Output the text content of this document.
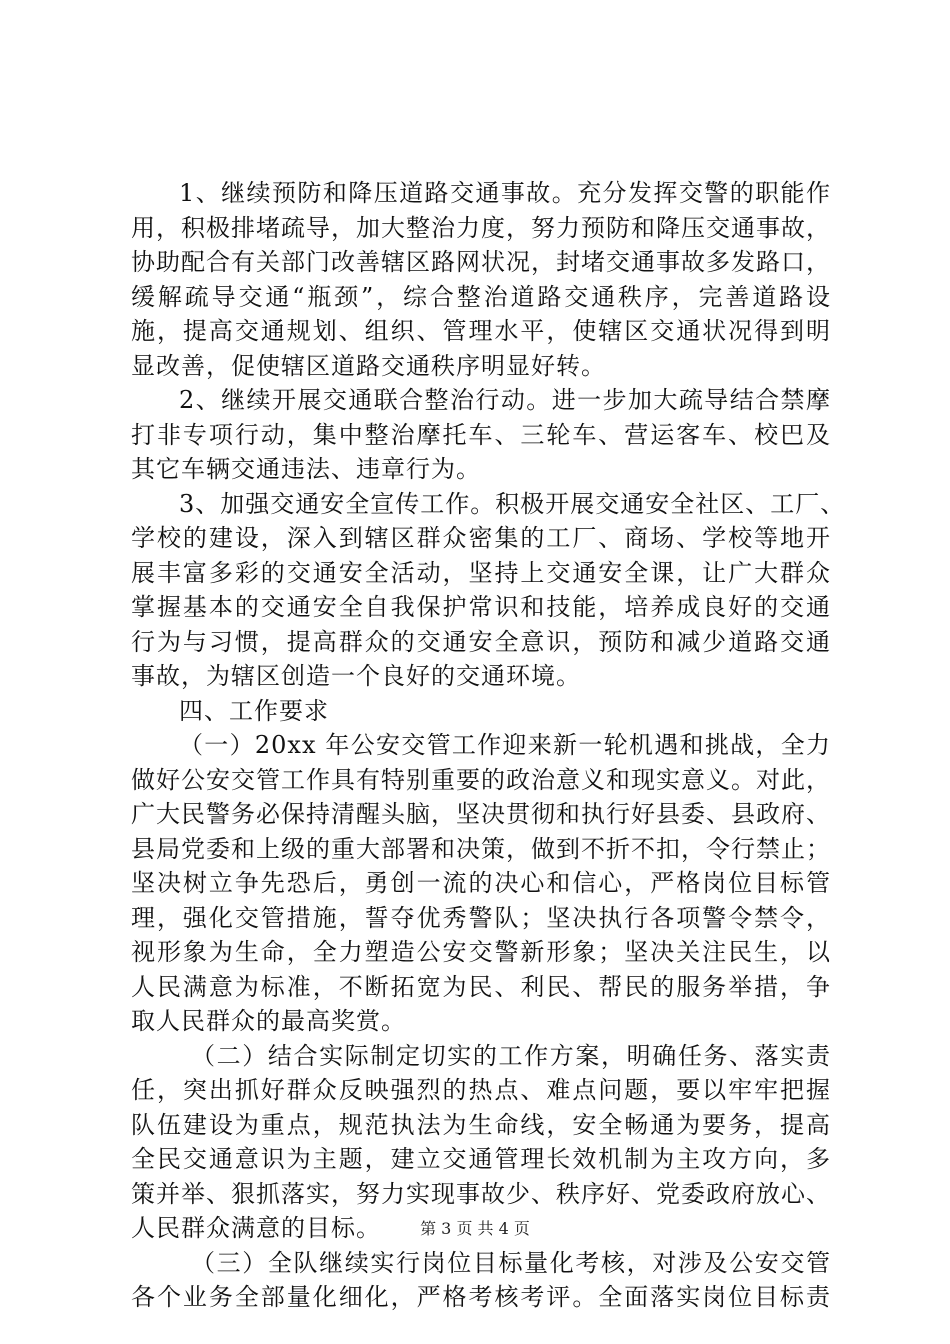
1、继续预防和降压道路交通事故。充分发挥交警的职能作
用，积极排堵疏导，加大整治力度，努力预防和降压交通事故，
协助配合有关部门改善辖区路网状况，封堵交通事故多发路口，
缓解疏导交通“瓶颈”，综合整治道路交通秩序，完善道路设
施，提高交通规划、组织、管理水平，使辖区交通状况得到明
显改善，促使辖区道路交通秩序明显好转。
2、继续开展交通联合整治行动。进一步加大疏导结合禁摩
打非专项行动，集中整治摩托车、三轮车、营运客车、校巴及
其它车辆交通违法、违章行为。
3、加强交通安全宣传工作。积极开展交通安全社区、工厂、
学校的建设，深入到辖区群众密集的工厂、商场、学校等地开
展丰富多彩的交通安全活动，坚持上交通安全课，让广大群众
掌握基本的交通安全自我保护常识和技能，培养成良好的交通
行为与习惯，提高群众的交通安全意识，预防和减少道路交通
事故，为辖区创造一个良好的交通环境。
四、工作要求
（一）20xx 年公安交管工作迎来新一轮机遇和挑战，全力
做好公安交管工作具有特别重要的政治意义和现实意义。对此，
广大民警务必保持清醒头脑，坚决贯彻和执行好县委、县政府、
县局党委和上级的重大部署和决策，做到不折不扣，令行禁止；
坚决树立争先恐后，勇创一流的决心和信心，严格岗位目标管
理，强化交管措施，誓夺优秀警队；坚决执行各项警令禁令，
视形象为生命，全力塑造公安交警新形象；坚决关注民生，以
人民满意为标准，不断拓宽为民、利民、帮民的服务举措，争
取人民群众的最高奖赏。
（二）结合实际制定切实的工作方案，明确任务、落实责
任，突出抓好群众反映强烈的热点、难点问题，要以牢牢把握
队伍建设为重点，规范执法为生命线，安全畅通为要务，提高
全民交通意识为主题，建立交通管理长效机制为主攻方向，多
策并举、狠抓落实，努力实现事故少、秩序好、党委政府放心、
人民群众满意的目标。
（三）全队继续实行岗位目标量化考核，对涉及公安交管
各个业务全部量化细化，严格考核考评。全面落实岗位目标责
第 3 页 共 4 页
